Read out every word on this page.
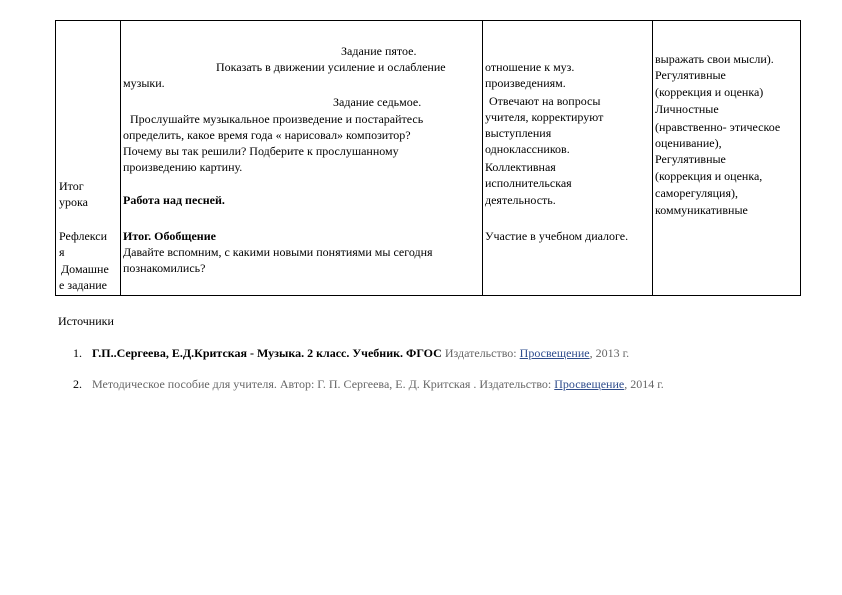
Итог
урока
Рефлекси
я
Домашне
е задание
Задание пятое.
Показать в движении усиление и ослабление
музыки.
Задание седьмое.
Прослушайте музыкальное произведение и постарайтесь
определить, какое время года « нарисовал» композитор?
Почему вы так решили? Подберите к прослушанному
произведению картину.
Работа над песней.
Итог. Обобщение
Давайте вспомним, с какими новыми понятиями мы сегодня
познакомились?
отношение к муз.
произведениям.
Отвечают на вопросы
учителя, корректируют
выступления
одноклассников.
Коллективная
исполнительская
деятельность.
Участие в учебном диалоге.
выражать свои мысли).
Регулятивные
(коррекция и оценка)
Личностные
(нравственно- этическое
оценивание),
Регулятивные
(коррекция и оценка,
саморегуляция),
коммуникативные
Источники
1. Г.П..Сергеева, Е.Д.Критская - Музыка. 2 класс. Учебник. ФГОС Издательство: Просвещение, 2013 г.
2. Методическое пособие для учителя. Автор: Г. П. Сергеева, Е. Д. Критская . Издательство: Просвещение, 2014 г.
